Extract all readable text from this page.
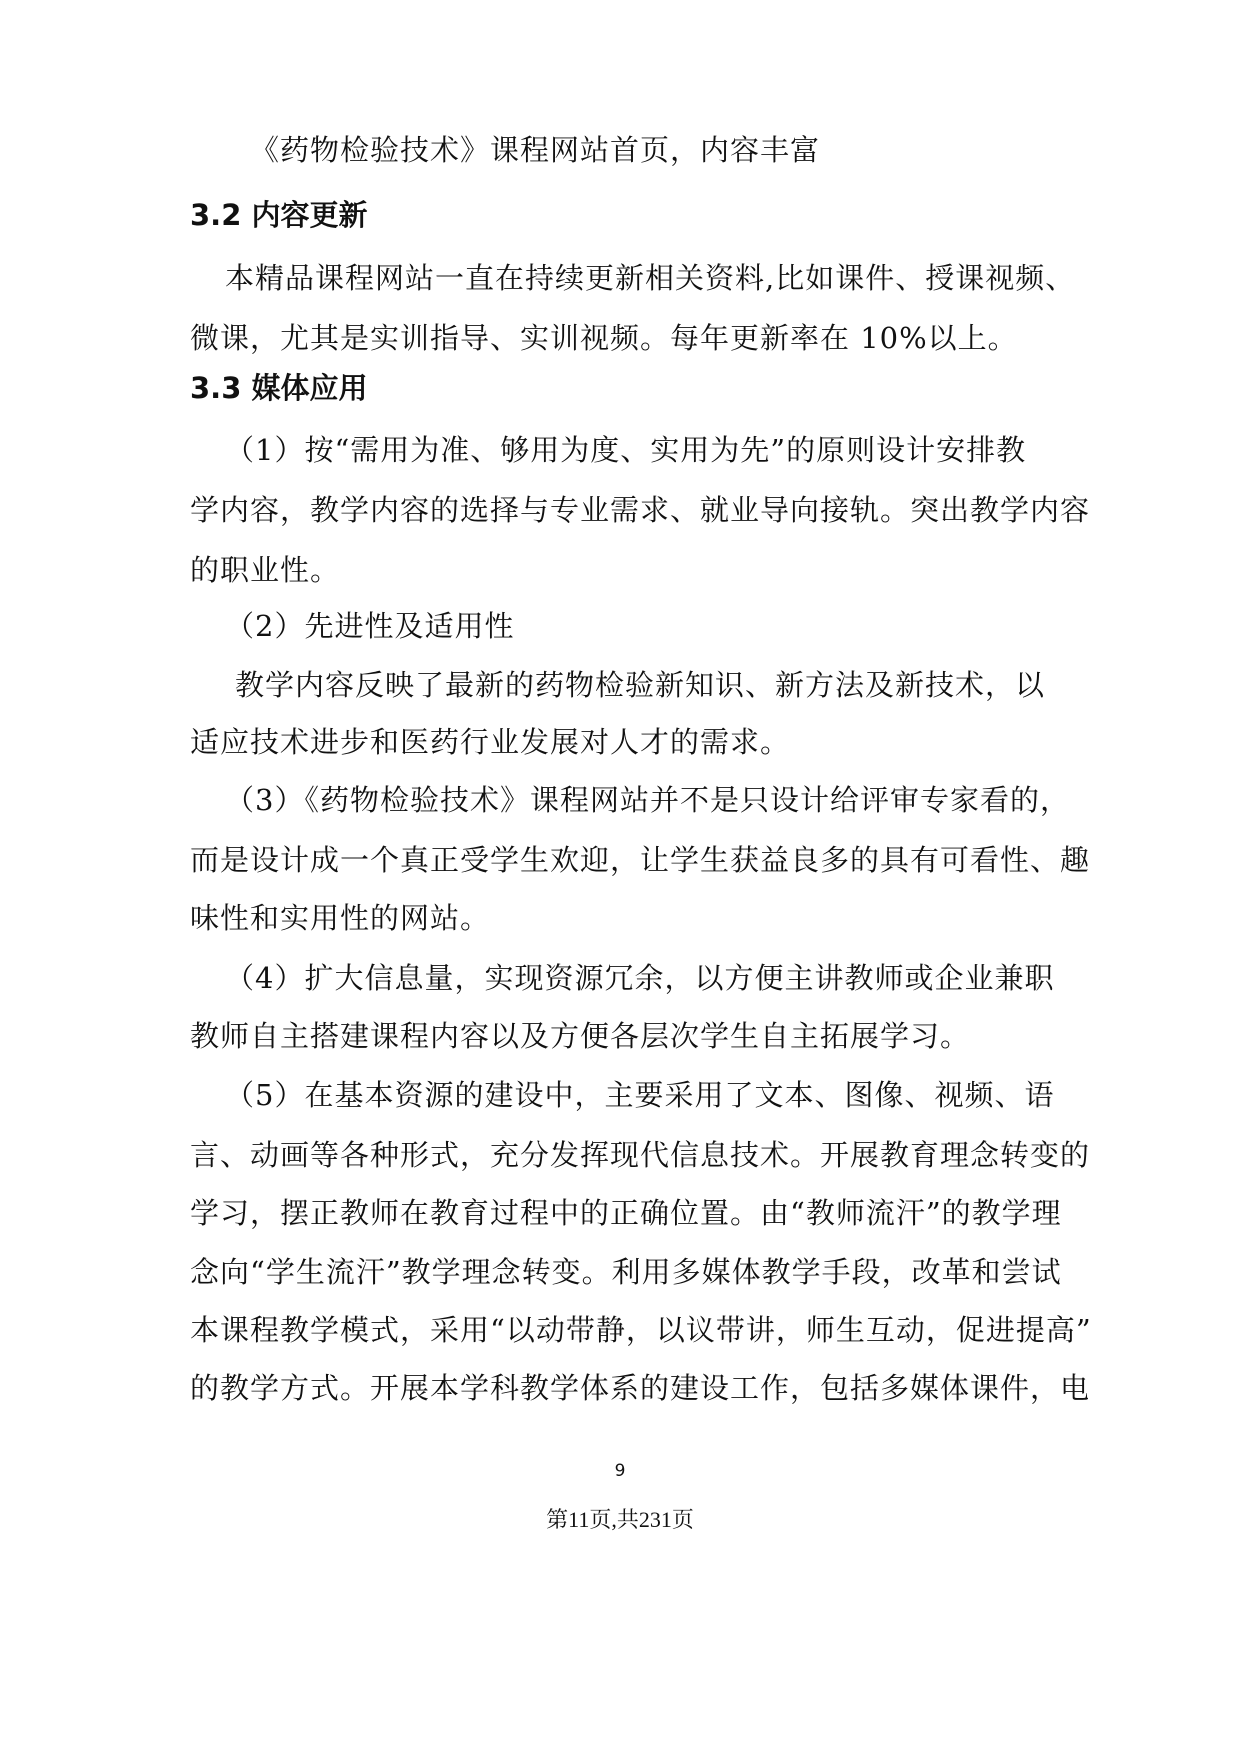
《药物检验技术》课程网站首页，内容丰富
3.2 内容更新
本精品课程网站一直在持续更新相关资料,比如课件、授课视频、
微课，尤其是实训指导、实训视频。每年更新率在 10%以上。
3.3 媒体应用
（1）按“需用为准、够用为度、实用为先”的原则设计安排教
学内容，教学内容的选择与专业需求、就业导向接轨。突出教学内容
的职业性。
（2）先进性及适用性
教学内容反映了最新的药物检验新知识、新方法及新技术，以
适应技术进步和医药行业发展对人才的需求。
（3）《药物检验技术》课程网站并不是只设计给评审专家看的，
而是设计成一个真正受学生欢迎，让学生获益良多的具有可看性、趣
味性和实用性的网站。
（4）扩大信息量，实现资源冗余，以方便主讲教师或企业兼职
教师自主搭建课程内容以及方便各层次学生自主拓展学习。
（5）在基本资源的建设中，主要采用了文本、图像、视频、语
言、动画等各种形式，充分发挥现代信息技术。开展教育理念转变的
学习，摆正教师在教育过程中的正确位置。由“教师流汗”的教学理
念向“学生流汗”教学理念转变。利用多媒体教学手段，改革和尝试
本课程教学模式，采用“以动带静，以议带讲，师生互动，促进提高”
的教学方式。开展本学科教学体系的建设工作，包括多媒体课件，电
9
第11页,共231页
